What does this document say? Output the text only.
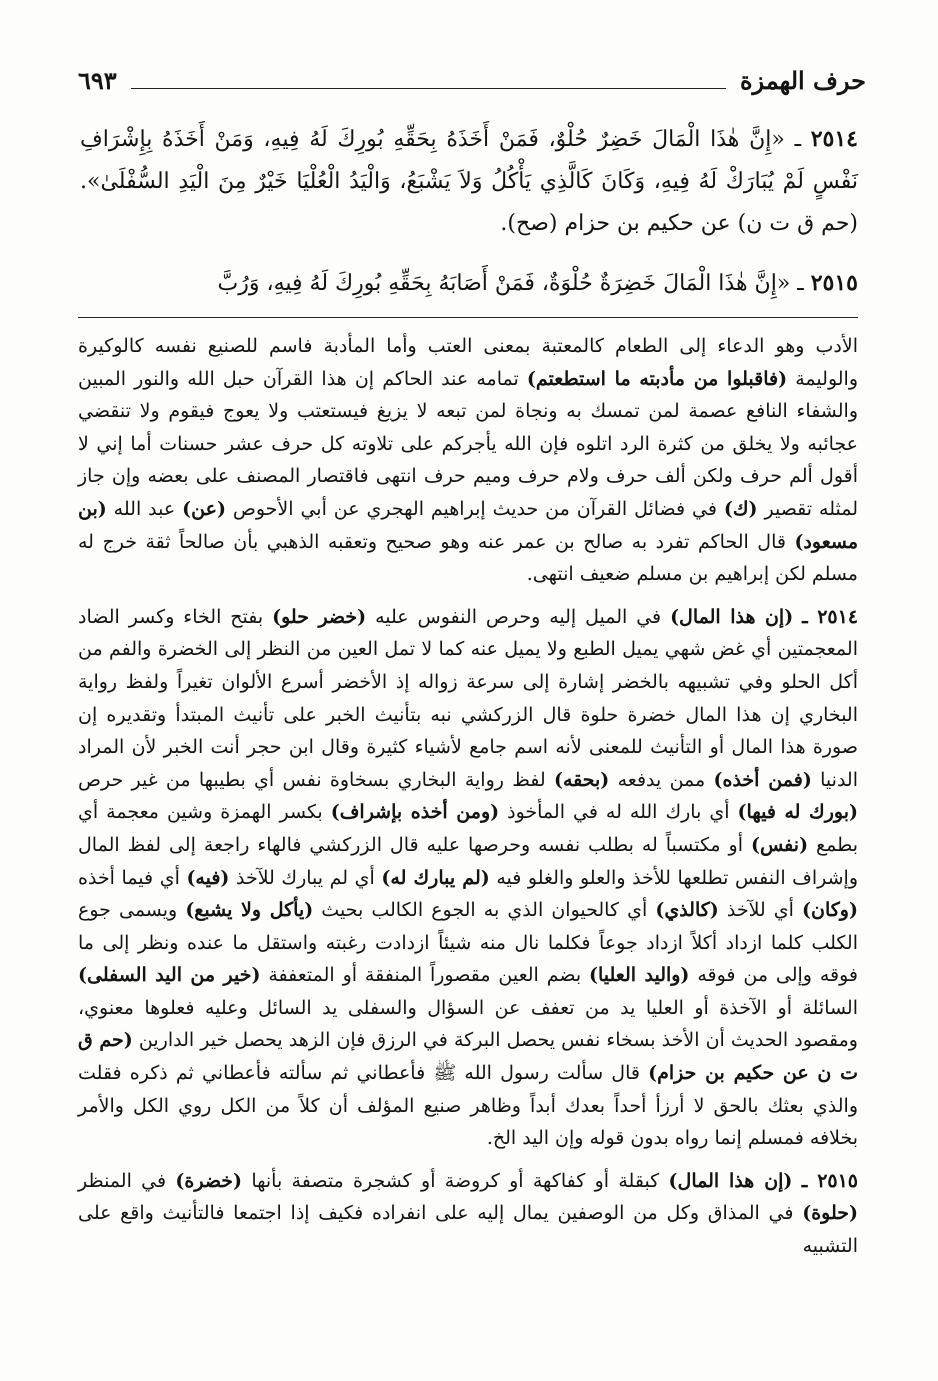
٦٩٣	حرف الهمزة
٢٥١٤ ـ «إِنَّ هٰذَا الْمَالَ خَضِرٌ حُلْوٌ، فَمَنْ أَخَذَهُ بِحَقِّهِ بُورِكَ لَهُ فِيهِ، وَمَنْ أَخَذَهُ بِإِشْرَافِ نَفْسٍ لَمْ يُبَارَكْ لَهُ فِيهِ، وَكَانَ كَالَّذِي يَأْكُلُ وَلاَ يَشْبَعُ، وَالْيَدُ الْعُلْيَا خَيْرٌ مِنَ الْيَدِ السُّفْلَىٰ». (حم ق ت ن) عن حكيم بن حزام (صح).
٢٥١٥ ـ «إِنَّ هٰذَا الْمَالَ خَضِرَةٌ حُلْوَةٌ، فَمَنْ أَصَابَهُ بِحَقِّهِ بُورِكَ لَهُ فِيهِ، وَرُبَّ

الأدب وهو الدعاء إلى الطعام كالمعتبة بمعنى العتب وأما المأدبة فاسم للصنيع نفسه كالوكيرة والوليمة (فاقبلوا من مأدبته ما استطعتم) تمامه عند الحاكم إن هذا القرآن حبل الله والنور المبين والشفاء النافع عصمة لمن تمسك به ونجاة لمن تبعه لا يزيغ فيستعتب ولا يعوج فيقوم ولا تنقضي عجائبه ولا يخلق من كثرة الرد اتلوه فإن الله يأجركم على تلاوته كل حرف عشر حسنات أما إني لا أقول ألم حرف ولكن ألف حرف ولام حرف وميم حرف انتهى فاقتصار المصنف على بعضه وإن جاز لمثله تقصير (ك) في فضائل القرآن من حديث إبراهيم الهجري عن أبي الأحوص (عن) عبد الله (بن مسعود) قال الحاكم تفرد به صالح بن عمر عنه وهو صحيح وتعقبه الذهبي بأن صالحاً ثقة خرج له مسلم لكن إبراهيم بن مسلم ضعيف انتهى.

٢٥١٤ ـ (إن هذا المال) في الميل إليه وحرص النفوس عليه (خضر حلو) بفتح الخاء وكسر الضاد المعجمتين أي غض شهي يميل الطبع ولا يميل عنه كما لا تمل العين من النظر إلى الخضرة والفم من أكل الحلو وفي تشبيهه بالخضر إشارة إلى سرعة زواله إذ الأخضر أسرع الألوان تغيراً ولفظ رواية البخاري إن هذا المال خضرة حلوة قال الزركشي نبه بتأنيث الخبر على تأنيث المبتدأ وتقديره إن صورة هذا المال أو التأنيث للمعنى لأنه اسم جامع لأشياء كثيرة وقال ابن حجر أنت الخبر لأن المراد الدنيا (فمن أخذه) ممن يدفعه (بحقه) لفظ رواية البخاري بسخاوة نفس أي بطيبها من غير حرص (بورك له فيها) أي بارك الله له في المأخوذ (ومن أخذه بإشراف) بكسر الهمزة وشين معجمة أي بطمع (نفس) أو مكتسباً له بطلب نفسه وحرصها عليه قال الزركشي فالهاء راجعة إلى لفظ المال وإشراف النفس تطلعها للأخذ والعلو والغلو فيه (لم يبارك له) أي لم يبارك للآخذ (فيه) أي فيما أخذه (وكان) أي للآخذ (كالذي) أي كالحيوان الذي به الجوع الكالب بحيث (يأكل ولا يشبع) ويسمى جوع الكلب كلما ازداد أكلاً ازداد جوعاً فكلما نال منه شيئاً ازدادت رغبته واستقل ما عنده ونظر إلى ما فوقه وإلى من فوقه (واليد العليا) بضم العين مقصوراً المنفقة أو المتعففة (خير من اليد السفلى) السائلة أو الآخذة أو العليا يد من تعفف عن السؤال والسفلى يد السائل وعليه فعلوها معنوي، ومقصود الحديث أن الأخذ بسخاء نفس يحصل البركة في الرزق فإن الزهد يحصل خير الدارين (حم ق ت ن عن حكيم بن حزام) قال سألت رسول الله ﷺ فأعطاني ثم سألته فأعطاني ثم ذكره فقلت والذي بعثك بالحق لا أرزأ أحداً بعدك أبداً وظاهر صنيع المؤلف أن كلاً من الكل روي الكل والأمر بخلافه فمسلم إنما رواه بدون قوله وإن اليد الخ.

٢٥١٥ ـ (إن هذا المال) كبقلة أو كفاكهة أو كروضة أو كشجرة متصفة بأنها (خضرة) في المنظر (حلوة) في المذاق وكل من الوصفين يمال إليه على انفراده فكيف إذا اجتمعا فالتأنيث واقع على التشبيه
